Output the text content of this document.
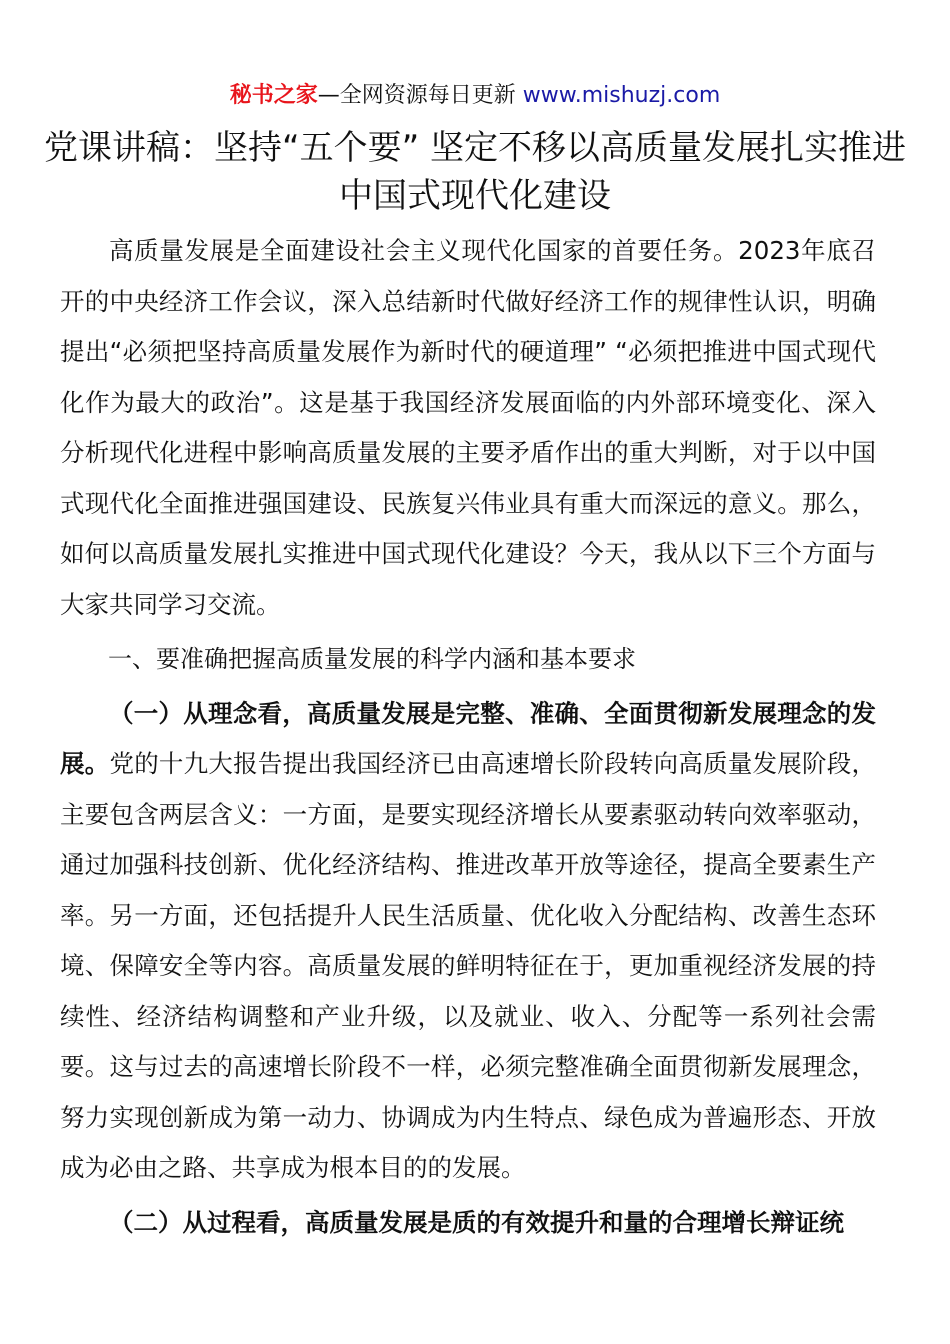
秘书之家—全网资源每日更新 www.mishuzj.com
党课讲稿：坚持“五个要” 坚定不移以高质量发展扎实推进中国式现代化建设

高质量发展是全面建设社会主义现代化国家的首要任务。2023年底召开的中央经济工作会议，深入总结新时代做好经济工作的规律性认识，明确提出“必须把坚持高质量发展作为新时代的硬道理” “必须把推进中国式现代化作为最大的政治”。这是基于我国经济发展面临的内外部环境变化、深入分析现代化进程中影响高质量发展的主要矛盾作出的重大判断，对于以中国式现代化全面推进强国建设、民族复兴伟业具有重大而深远的意义。那么，如何以高质量发展扎实推进中国式现代化建设？今天，我从以下三个方面与大家共同学习交流。

一、要准确把握高质量发展的科学内涵和基本要求

（一）从理念看，高质量发展是完整、准确、全面贯彻新发展理念的发展。党的十九大报告提出我国经济已由高速增长阶段转向高质量发展阶段，主要包含两层含义：一方面，是要实现经济增长从要素驱动转向效率驱动，通过加强科技创新、优化经济结构、推进改革开放等途径，提高全要素生产率。另一方面，还包括提升人民生活质量、优化收入分配结构、改善生态环境、保障安全等内容。高质量发展的鲜明特征在于，更加重视经济发展的持续性、经济结构调整和产业升级，以及就业、收入、分配等一系列社会需要。这与过去的高速增长阶段不一样，必须完整准确全面贯彻新发展理念，努力实现创新成为第一动力、协调成为内生特点、绿色成为普遍形态、开放成为必由之路、共享成为根本目的的发展。

（二）从过程看，高质量发展是质的有效提升和量的合理增长辩证统
